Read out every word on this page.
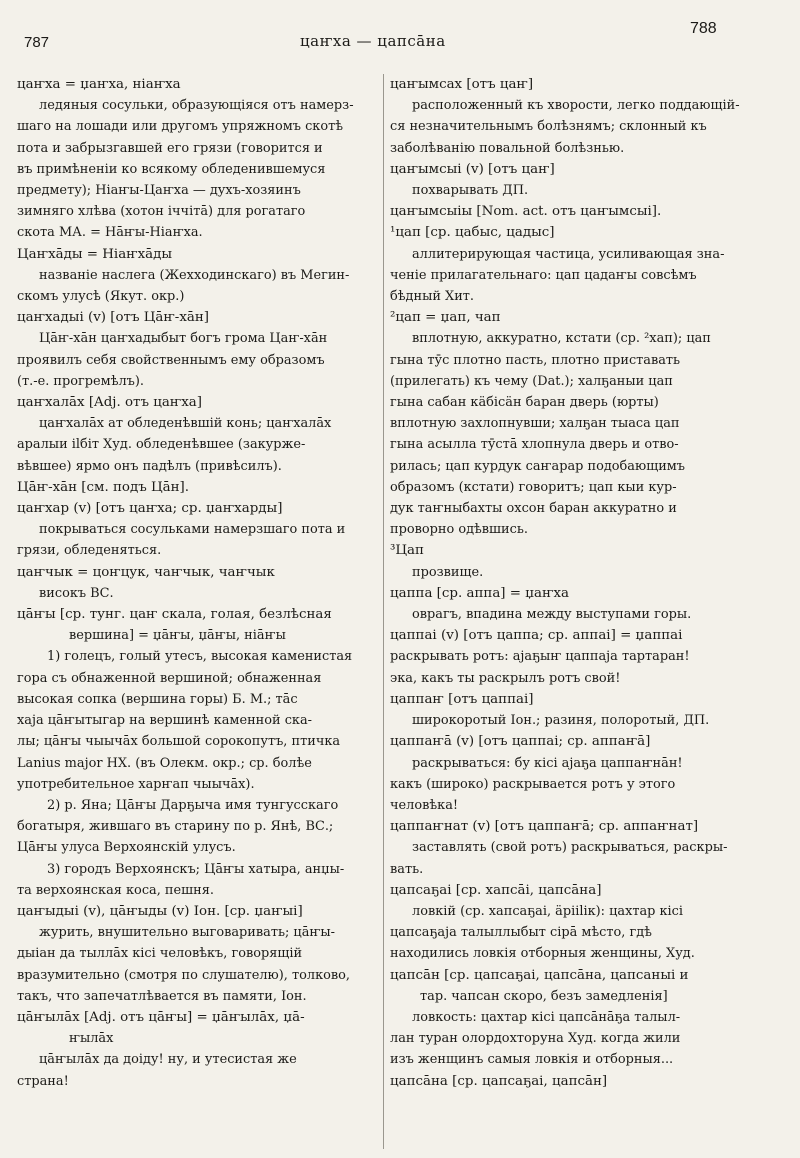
787	цаҥха — цапсāна
788
цаҥха = џаҥха, ніаҥха
ледяныя сосульки, образующіяся отъ намерз-
шаго на лошади или другомъ упряжномъ скотѣ
пота и забрызгавшей его грязи (говорится и
въ примѣненіи ко всякому обледенившемуся
предмету); Ніаҥы-Цаҥха — духъ-хозяинъ
зимняго хлѣва (хотон іччітā) для рогатаго
скота МА. = Нāҥы-Ніаҥха.
Цаҥхāды = Ніаҥхāды
названіе наслега (Жехходинскаго) въ Мегин-
скомъ улусѣ (Якут. окр.)
цаҥхадыі (v) [отъ Цāҥ-хāн]
Цāҥ-хāн цаҥхадыбыт богъ грома Цаҥ-хāн
проявилъ себя свойственнымъ ему образомъ
(т.-е. прогремѣлъ).
цаҥхалāх [Adj. отъ цаҥха]
цаҥхалāх ат обледенѣвшій конь; цаҥхалāх
аралыи ilбіт Худ. обледенѣвшее (закурже-
вѣвшее) ярмо онъ падѣлъ (привѣсилъ).
Цāҥ-хāн [см. подъ Цāн].
цаҥхар (v) [отъ цаҥха; ср. џаҥхарды]
покрываться сосульками намерзшаго пота и
грязи, обледеняться.
цаҥчык = цоҥцук, чаҥчык, чаҥчык
високъ ВС.
цāҥы [ср. тунг. цаҥ скала, голая, безлѣсная
вершина] = џāҥы, џāҥы, ніāҥы
1) голецъ, голый утесъ, высокая каменистая
гора съ обнаженной вершиной; обнаженная
высокая сопка (вершина горы) Б. М.; тāс
хаја цāҥытыгар на вершинѣ каменной ска-
лы; цāҥы чыычāх большой сорокопутъ, птичка
Lanius major НХ. (въ Олекм. окр.; ср. болѣе
употребительное харҥап чыычāх).
2) р. Яна; Цāҥы Дарҕыча имя тунгусскаго
богатыря, жившаго въ старину по р. Янѣ, ВС.;
Цāҥы улуса Верхоянскій улусъ.
3) городъ Верхоянскъ; Цāҥы хатыра, анџы-
та верхоянская коса, пешня.
цаҥыдыі (v), цāҥыды (v) Іон. [ср. џаҥыі]
журить, внушительно выговаривать; цāҥы-
дыіан да тыллāх кісі человѣкъ, говорящій
вразумительно (смотря по слушателю), толково,
такъ, что запечатлѣвается въ памяти, Іон.
цāҥылāх [Adj. отъ цāҥы] = џāҥылāх, џā-
ҥылāх
цāҥылāх да доіду! ну, и утесистая же
страна!
цаҥымсах [отъ цаҥ]
расположенный къ хворости, легко поддающій-
ся незначительнымъ болѣзнямъ; склонный къ
заболѣванію повальной болѣзнью.
цаҥымсыі (v) [отъ цаҥ]
похварывать ДП.
цаҥымсыіы [Nom. act. отъ цаҥымсыі].
¹цап [ср. цабыс, цадыс]
аллитерирующая частица, усиливающая зна-
ченіе прилагательнаго: цап цадаҥы совсѣмъ
бѣдный Хит.
²цап = џап, чап
вплотную, аккуратно, кстати (ср. ²хап); цап
гына тӯс плотно пасть, плотно приставать
(прилегать) къ чему (Dat.); халҕаныи цап
гына сабан кäбісäн баран дверь (юрты)
вплотную захлопнувши; халҕан тыаса цап
гына асылла тӯстā хлопнула дверь и отво-
рилась; цап курдук саҥарар подобающимъ
образомъ (кстати) говоритъ; цап кыи кур-
дук таҥныбахты охсон баран аккуратно и
проворно одѣвшись.
³Цап
прозвище.
цаппа [ср. аппа] = џаҥха
оврагъ, впадина между выступами горы.
цаппаі (v) [отъ цаппа; ср. аппаі] = џаппаі
раскрывать ротъ: аjаҕыҥ цаппаjа тартаран!
эка, какъ ты раскрылъ ротъ свой!
цаппаҥ [отъ цаппаі]
широкоротый Іон.; разиня, полоротый, ДП.
цаппаҥā (v) [отъ цаппаі; ср. аппаҥā]
раскрываться: бу кісі аjаҕа цаппаҥнāн!
какъ (широко) раскрывается ротъ у этого
человѣка!
цаппаҥнат (v) [отъ цаппаҥā; ср. аппаҥнат]
заставлять (свой ротъ) раскрываться, раскры-
вать.
цапсаҕаі [ср. хапсāі, цапсāна]
ловкій (ср. хапсаҕаі, äрііlік): цахтар кісі
цапсаҕаjа талыллыбыт сірā мѣсто, гдѣ
находились ловкія отборныя женщины, Худ.
цапсāн [ср. цапсаҕаі, цапсāна, цапсаныі и
тар. чапсан скоро, безъ замедленія]
ловкость: цахтар кісі цапсāнāҕа талыл-
лан туран олордохторуна Худ. когда жили
изъ женщинъ самыя ловкія и отборныя...
цапсāна [ср. цапсаҕаі, цапсāн]
